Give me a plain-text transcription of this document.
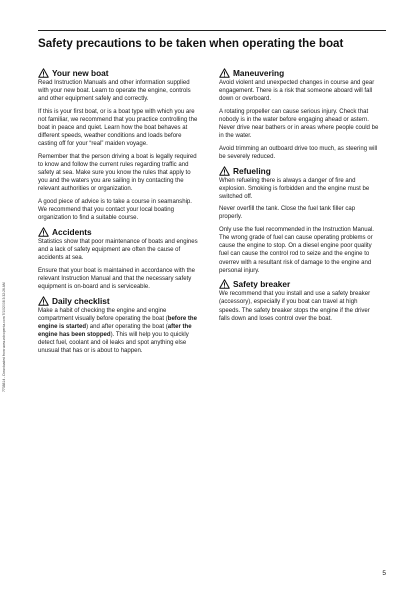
Safety precautions to be taken when operating the boat
7738814 - Downloaded from www.volvopenta.com 7/10/2008 3:32:26 AM
Your new boat

Read Instruction Manuals and other information supplied with your new boat. Learn to operate the engine, controls and other equipment safely and correctly.

If this is your first boat, or is a boat type with which you are not familiar, we recommend that you practice controlling the boat in peace and quiet. Learn how the boat behaves at different speeds, weather conditions and loads before casting off for your “real” maiden voyage.

Remember that the person driving a boat is legally required to know and follow the current rules regarding traffic and safety at sea. Make sure you know the rules that apply to you and the waters you are sailing in by contacting the relevant authorities or organization.

A good piece of advice is to take a course in seamanship. We recommend that you contact your local boating organization to find a suitable course.

Accidents

Statistics show that poor maintenance of boats and engines and a lack of safety equipment are often the cause of accidents at sea.

Ensure that your boat is maintained in accordance with the relevant Instruction Manual and that the necessary safety equipment is on-board and is serviceable.

Daily checklist

Make a habit of checking the engine and engine compartment visually before operating the boat (before the engine is started) and after operating the boat (after the engine has been stopped). This will help you to quickly detect fuel, coolant and oil leaks and spot anything else unusual that has or is about to happen.

Maneuvering

Avoid violent and unexpected changes in course and gear engagement. There is a risk that someone aboard will fall down or overboard.

A rotating propeller can cause serious injury. Check that nobody is in the water before engaging ahead or astern. Never drive near bathers or in areas where people could be in the water.

Avoid trimming an outboard drive too much, as steering will be severely reduced.

Refueling

When refueling there is always a danger of fire and explosion. Smoking is forbidden and the engine must be switched off.

Never overfill the tank. Close the fuel tank filler cap properly.

Only use the fuel recommended in the Instruction Manual. The wrong grade of fuel can cause operating problems or cause the engine to stop. On a diesel engine poor quality fuel can cause the control rod to seize and the engine to overrev with a resultant risk of damage to the engine and personal injury.

Safety breaker

We recommend that you install and use a safety breaker (accessory), especially if you boat can travel at high speeds. The safety breaker stops the engine if the driver falls down and loses control over the boat.

5
